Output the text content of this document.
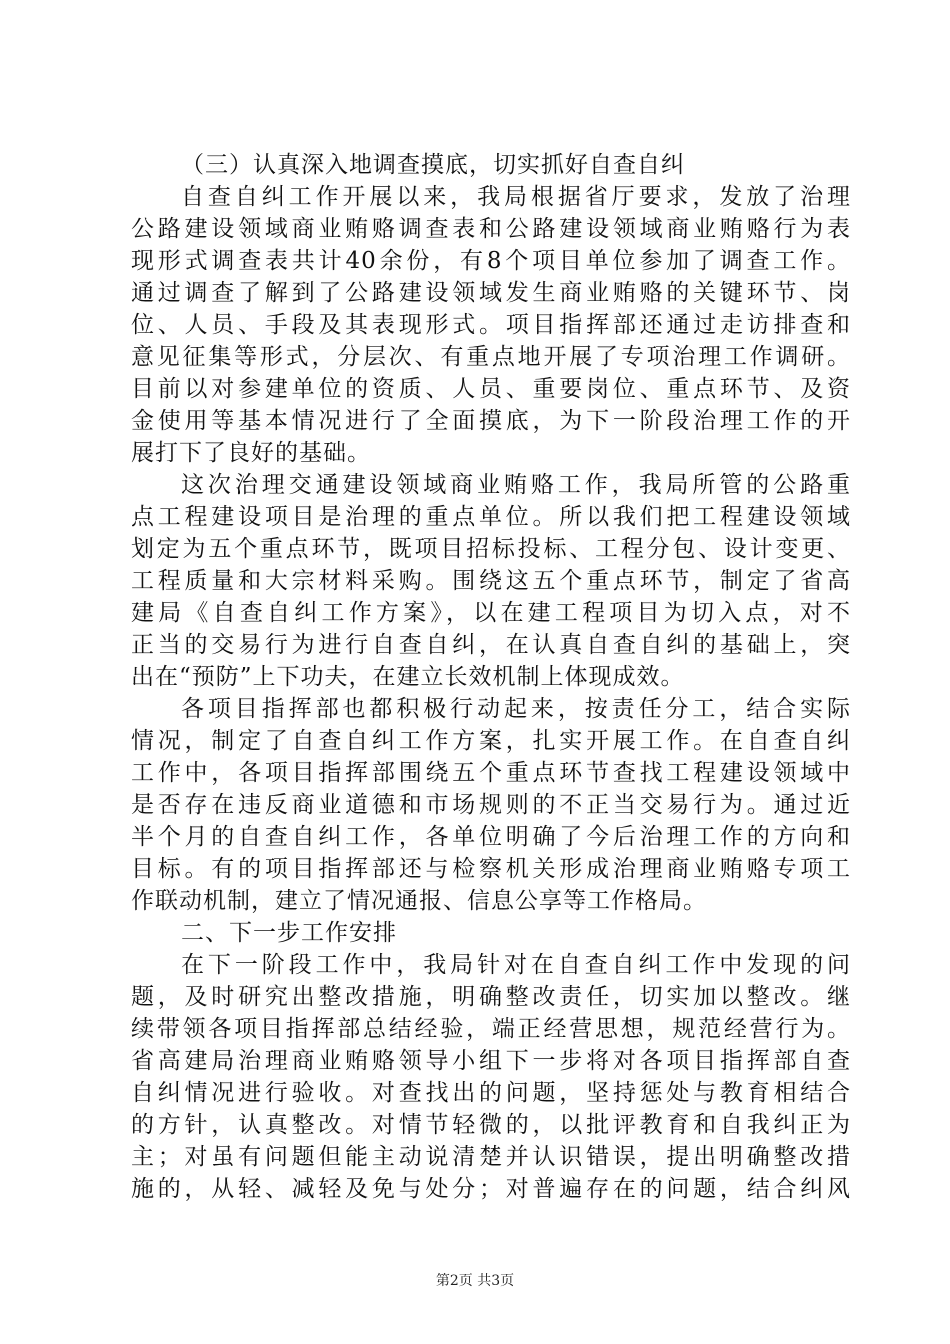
（三）认真深入地调查摸底，切实抓好自查自纠
自查自纠工作开展以来，我局根据省厅要求，发放了治理
公路建设领域商业贿赂调查表和公路建设领域商业贿赂行为表
现形式调查表共计40余份，有8个项目单位参加了调查工作。
通过调查了解到了公路建设领域发生商业贿赂的关键环节、岗
位、人员、手段及其表现形式。项目指挥部还通过走访排查和
意见征集等形式，分层次、有重点地开展了专项治理工作调研。
目前以对参建单位的资质、人员、重要岗位、重点环节、及资
金使用等基本情况进行了全面摸底，为下一阶段治理工作的开
展打下了良好的基础。
这次治理交通建设领域商业贿赂工作，我局所管的公路重
点工程建设项目是治理的重点单位。所以我们把工程建设领域
划定为五个重点环节，既项目招标投标、工程分包、设计变更、
工程质量和大宗材料采购。围绕这五个重点环节，制定了省高
建局《自查自纠工作方案》，以在建工程项目为切入点，对不
正当的交易行为进行自查自纠，在认真自查自纠的基础上，突
出在“预防”上下功夫，在建立长效机制上体现成效。
各项目指挥部也都积极行动起来，按责任分工，结合实际
情况，制定了自查自纠工作方案，扎实开展工作。在自查自纠
工作中，各项目指挥部围绕五个重点环节查找工程建设领域中
是否存在违反商业道德和市场规则的不正当交易行为。通过近
半个月的自查自纠工作，各单位明确了今后治理工作的方向和
目标。有的项目指挥部还与检察机关形成治理商业贿赂专项工
作联动机制，建立了情况通报、信息公享等工作格局。
二、下一步工作安排
在下一阶段工作中，我局针对在自查自纠工作中发现的问
题，及时研究出整改措施，明确整改责任，切实加以整改。继
续带领各项目指挥部总结经验，端正经营思想，规范经营行为。
省高建局治理商业贿赂领导小组下一步将对各项目指挥部自查
自纠情况进行验收。对查找出的问题，坚持惩处与教育相结合
的方针，认真整改。对情节轻微的，以批评教育和自我纠正为
主；对虽有问题但能主动说清楚并认识错误，提出明确整改措
施的，从轻、减轻及免与处分；对普遍存在的问题，结合纠风
第2页 共3页
